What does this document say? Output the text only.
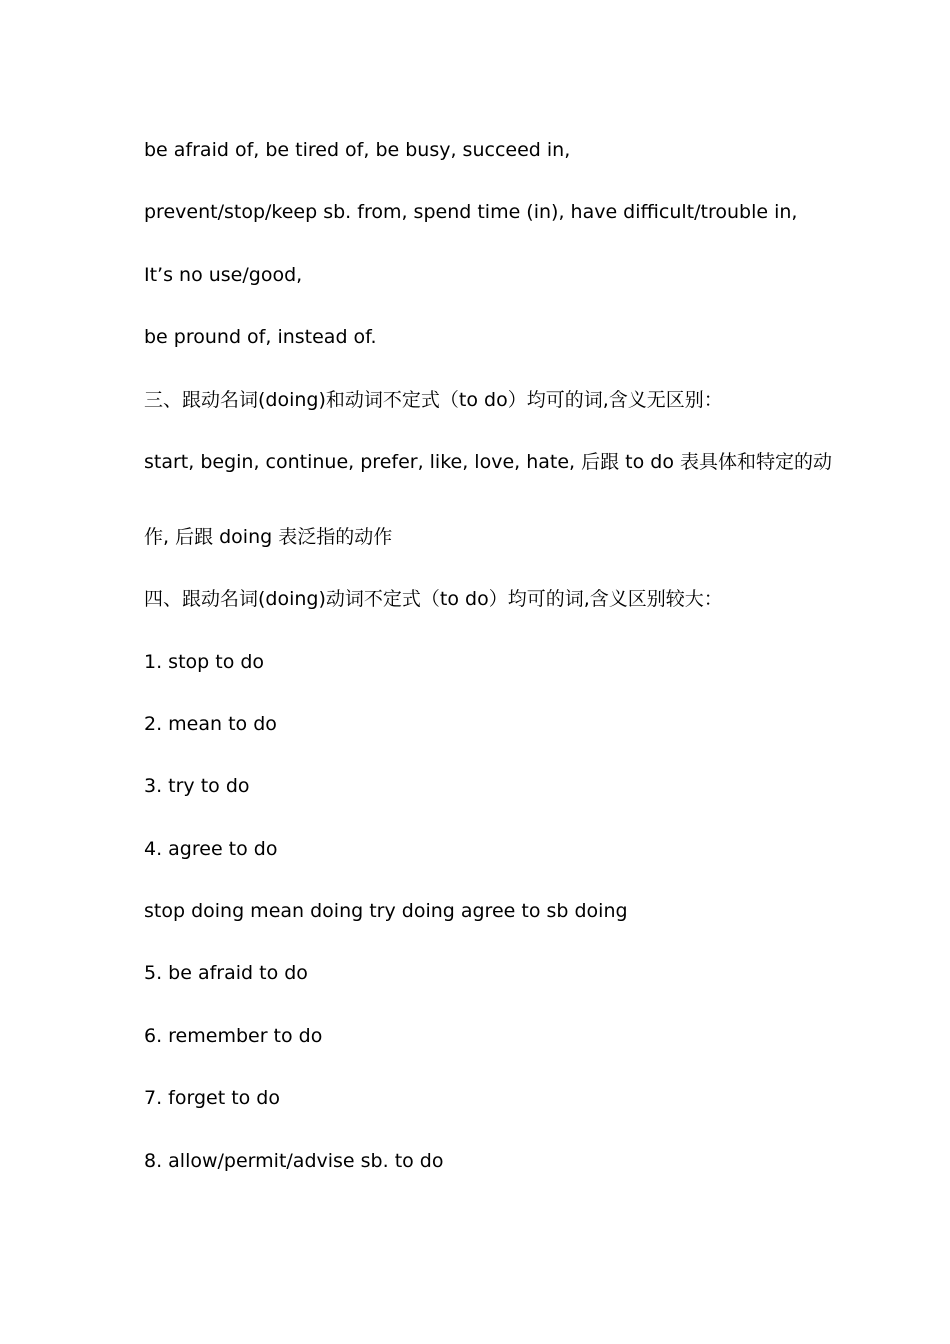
be afraid of, be tired of, be busy, succeed in,
prevent/stop/keep sb. from, spend time (in), have difficult/trouble in,
It’s no use/good,
be pround of, instead of.
三、跟动名词(doing)和动词不定式（to do）均可的词,含义无区别：
start, begin, continue, prefer, like, love, hate, 后跟 to do 表具体和特定的动
作, 后跟 doing 表泛指的动作
四、跟动名词(doing)动词不定式（to do）均可的词,含义区别较大：
1. stop to do
2. mean to do
3. try to do
4. agree to do
stop doing mean doing try doing agree to sb doing
5. be afraid to do
6. remember to do
7. forget to do
8. allow/permit/advise sb. to do
